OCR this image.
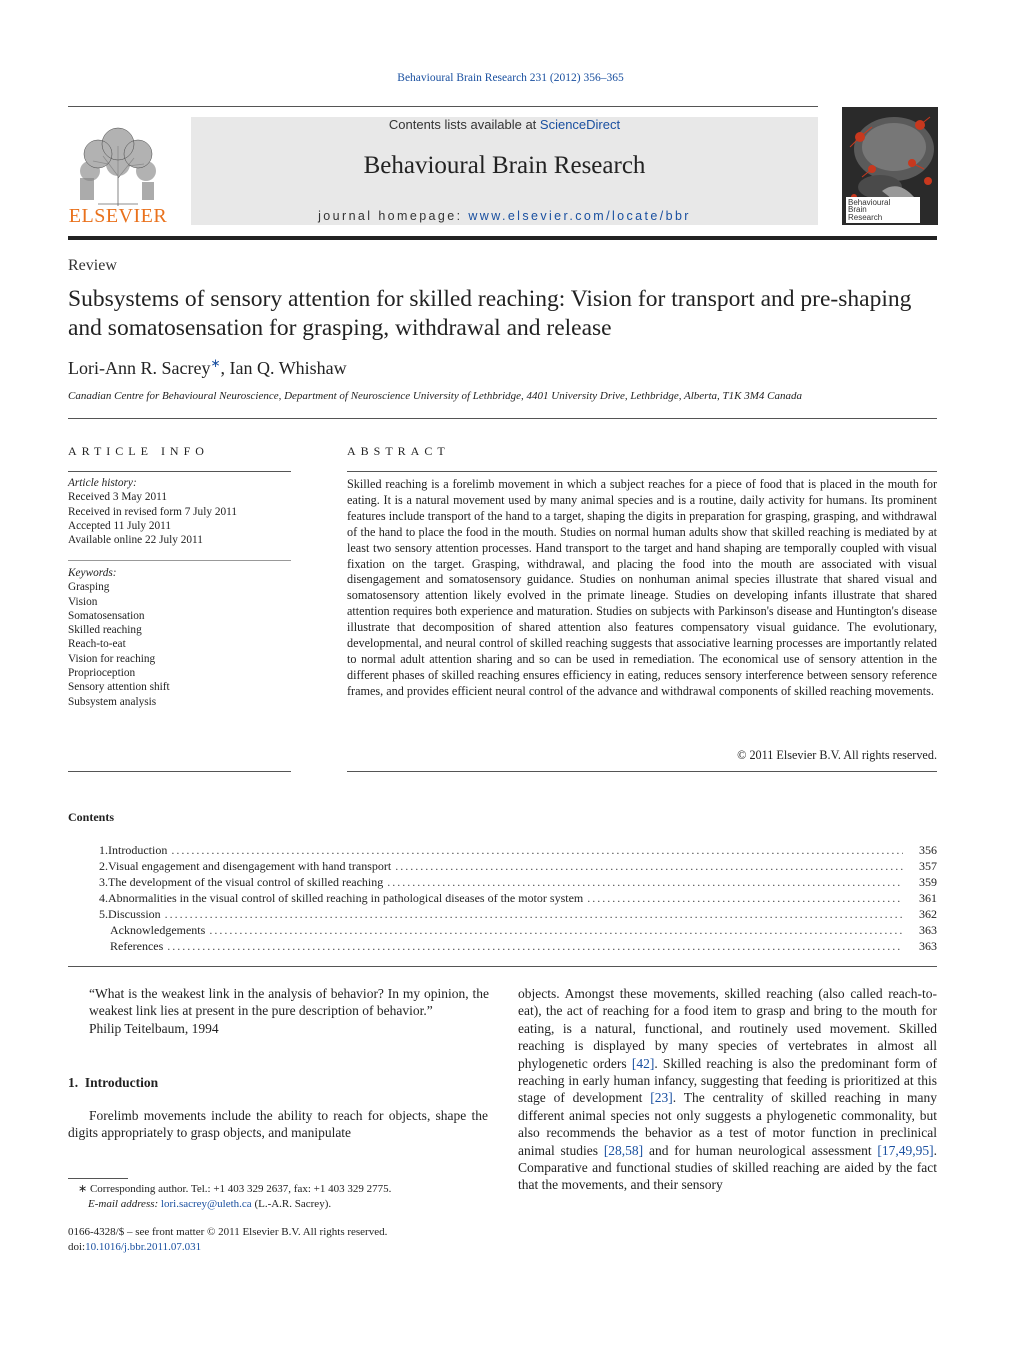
Behavioural Brain Research 231 (2012) 356–365
ELSEVIER
Contents lists available at ScienceDirect
Behavioural Brain Research
journal homepage: www.elsevier.com/locate/bbr
Behavioural
Brain
Research
Review
Subsystems of sensory attention for skilled reaching: Vision for transport and pre-shaping and somatosensation for grasping, withdrawal and release
Lori-Ann R. Sacrey∗, Ian Q. Whishaw
Canadian Centre for Behavioural Neuroscience, Department of Neuroscience University of Lethbridge, 4401 University Drive, Lethbridge, Alberta, T1K 3M4 Canada
ARTICLE INFO
Article history:
Received 3 May 2011
Received in revised form 7 July 2011
Accepted 11 July 2011
Available online 22 July 2011
Keywords:
Grasping
Vision
Somatosensation
Skilled reaching
Reach-to-eat
Vision for reaching
Proprioception
Sensory attention shift
Subsystem analysis
ABSTRACT
Skilled reaching is a forelimb movement in which a subject reaches for a piece of food that is placed in the mouth for eating. It is a natural movement used by many animal species and is a routine, daily activity for humans. Its prominent features include transport of the hand to a target, shaping the digits in preparation for grasping, grasping, and withdrawal of the hand to place the food in the mouth. Studies on normal human adults show that skilled reaching is mediated by at least two sensory attention processes. Hand transport to the target and hand shaping are temporally coupled with visual fixation on the target. Grasping, withdrawal, and placing the food into the mouth are associated with visual disengagement and somatosensory guidance. Studies on nonhuman animal species illustrate that shared visual and somatosensory attention likely evolved in the primate lineage. Studies on developing infants illustrate that shared attention requires both experience and maturation. Studies on subjects with Parkinson's disease and Huntington's disease illustrate that decomposition of shared attention also features compensatory visual guidance. The evolutionary, developmental, and neural control of skilled reaching suggests that associative learning processes are importantly related to normal adult attention sharing and so can be used in remediation. The economical use of sensory attention in the different phases of skilled reaching ensures efficiency in eating, reduces sensory interference between sensory reference frames, and provides efficient neural control of the advance and withdrawal components of skilled reaching movements.
© 2011 Elsevier B.V. All rights reserved.
Contents
1. Introduction . . .	356
2. Visual engagement and disengagement with hand transport . . .	357
3. The development of the visual control of skilled reaching . . .	359
4. Abnormalities in the visual control of skilled reaching in pathological diseases of the motor system . . .	361
5. Discussion . . .	362
Acknowledgements . . .	363
References . . .	363
“What is the weakest link in the analysis of behavior? In my opinion, the weakest link lies at present in the pure description of behavior.”
Philip Teitelbaum, 1994
1.  Introduction
Forelimb movements include the ability to reach for objects, shape the digits appropriately to grasp objects, and manipulate
objects. Amongst these movements, skilled reaching (also called reach-to-eat), the act of reaching for a food item to grasp and bring to the mouth for eating, is a natural, functional, and routinely used movement. Skilled reaching is displayed by many species of vertebrates in almost all phylogenetic orders [42]. Skilled reaching is also the predominant form of reaching in early human infancy, suggesting that feeding is prioritized at this stage of development [23]. The centrality of skilled reaching in many different animal species not only suggests a phylogenetic commonality, but also recommends the behavior as a test of motor function in preclinical animal studies [28,58] and for human neurological assessment [17,49,95]. Comparative and functional studies of skilled reaching are aided by the fact that the movements, and their sensory
∗ Corresponding author. Tel.: +1 403 329 2637, fax: +1 403 329 2775.
E-mail address: lori.sacrey@uleth.ca (L.-A.R. Sacrey).
0166-4328/$ – see front matter © 2011 Elsevier B.V. All rights reserved.
doi:10.1016/j.bbr.2011.07.031
